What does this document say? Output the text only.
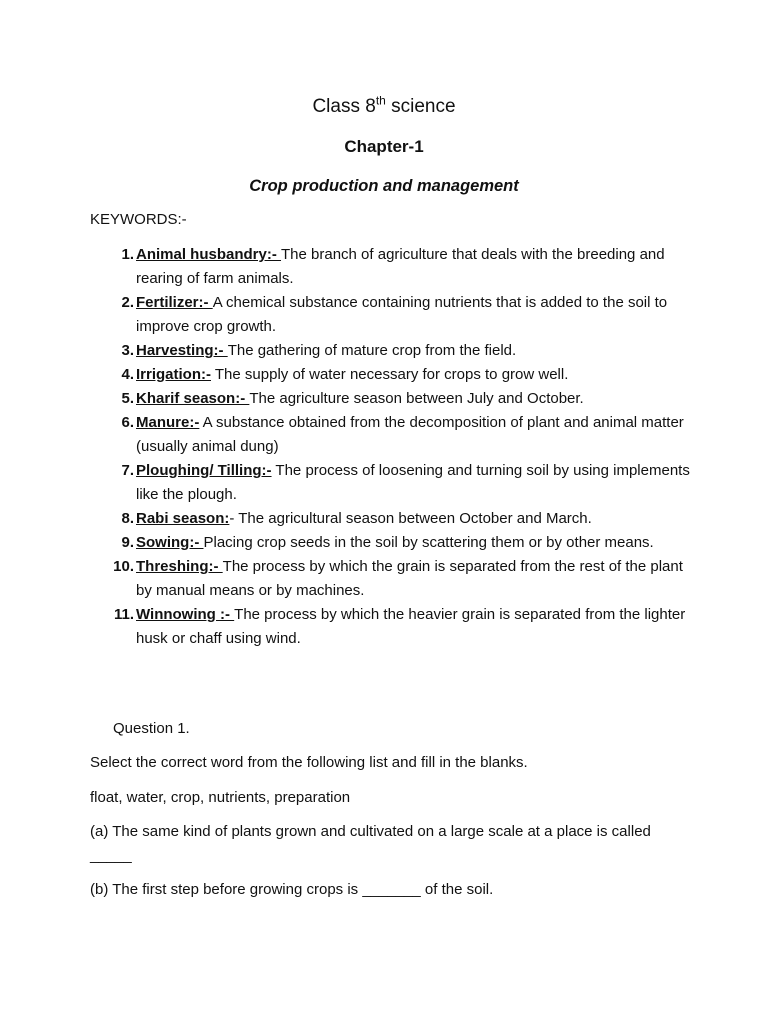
Class 8th science
Chapter-1
Crop production and management
KEYWORDS:-
1. Animal husbandry:- The branch of agriculture that deals with the breeding and rearing of farm animals.
2. Fertilizer:- A chemical substance containing nutrients that is added to the soil to improve crop growth.
3. Harvesting:- The gathering of mature crop from the field.
4. Irrigation:- The supply of water necessary for crops to grow well.
5. Kharif season:- The agriculture season between July and October.
6. Manure:- A substance obtained from the decomposition of plant and animal matter (usually animal dung)
7. Ploughing/ Tilling:- The process of loosening and turning soil by using implements like the plough.
8. Rabi season:- The agricultural season between October and March.
9. Sowing:- Placing crop seeds in the soil by scattering them or by other means.
10. Threshing:- The process by which the grain is separated from the rest of the plant by manual means or by machines.
11. Winnowing :- The process by which the heavier grain is separated from the lighter husk or chaff using wind.
Question 1.
Select the correct word from the following list and fill in the blanks.
float, water, crop, nutrients, preparation
(a) The same kind of plants grown and cultivated on a large scale at a place is called _____
(b) The first step before growing crops is _______ of the soil.
